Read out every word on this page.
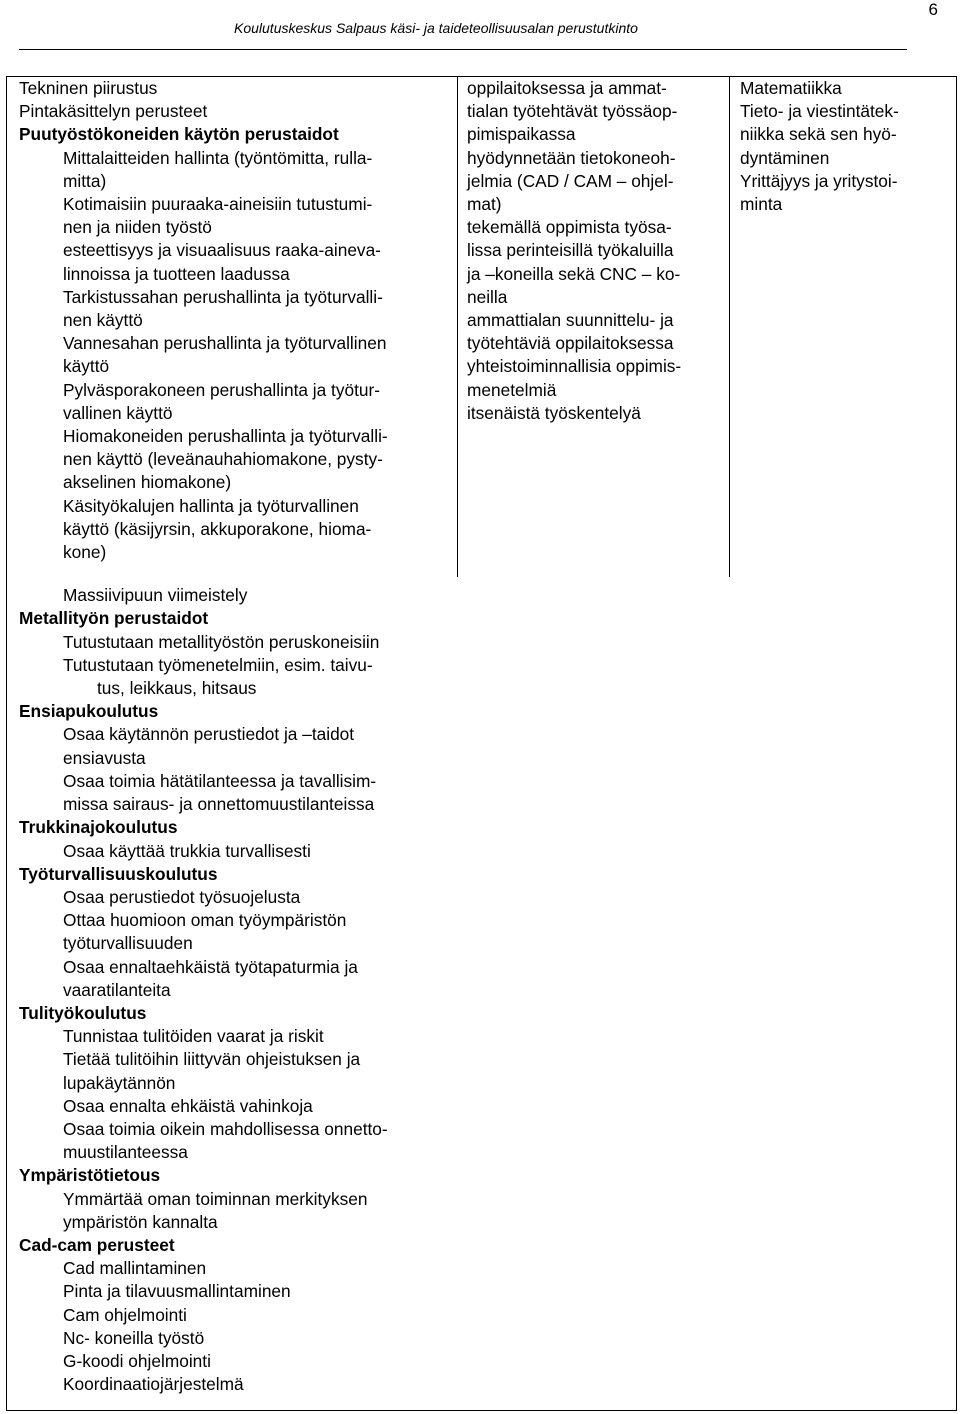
6
Koulutuskeskus Salpaus käsi- ja taideteollisuusalan perustutkinto
Tekninen piirustus
Pintakäsittelyn perusteet
Puutyöstökoneiden käytön perustaidot
Mittalaitteiden hallinta (työntömitta, rulla-
mitta)
Kotimaisiin puuraaka-aineisiin tutustumi-
nen ja niiden työstö
esteettisyys ja visuaalisuus raaka-aineva-
linnoissa ja tuotteen laadussa
Tarkistussahan perushallinta ja työturvalli-
nen käyttö
Vannesahan perushallinta ja työturvallinen
käyttö
Pylväsporakoneen perushallinta ja työtur-
vallinen käyttö
Hiomakoneiden perushallinta ja työturvalli-
nen käyttö (leveänauhahiomakone, pysty-
akselinen hiomakone)
Käsityökalujen hallinta ja työturvallinen
käyttö (käsijyrsin, akkuporakone, hioma-
kone)
Massiivipuun viimeistely
Metallityön perustaidot
Tutustutaan metallityöstön peruskoneisiin
Tutustutaan työmenetelmiin, esim. taivu-
tus, leikkaus, hitsaus
Ensiapukoulutus
Osaa käytännön perustiedot ja –taidot
ensiavusta
Osaa toimia hätätilanteessa ja tavallisim-
missa sairaus- ja onnettomuustilanteissa
Trukkinajokoulutus
Osaa käyttää trukkia turvallisesti
Työturvallisuuskoulutus
Osaa perustiedot työsuojelusta
Ottaa huomioon oman työympäristön
työturvallisuuden
Osaa ennaltaehkäistä työtapaturmia ja
vaaratilanteita
Tulityökoulutus
Tunnistaa tulitöiden vaarat ja riskit
Tietää tulitöihin liittyvän ohjeistuksen ja
lupakäytännön
Osaa ennalta ehkäistä vahinkoja
Osaa toimia oikein mahdollisessa onnetto-
muustilanteessa
Ympäristötietous
Ymmärtää oman toiminnan merkityksen
ympäristön kannalta
Cad-cam perusteet
Cad mallintaminen
Pinta ja tilavuusmallintaminen
Cam ohjelmointi
Nc- koneilla työstö
G-koodi ohjelmointi
Koordinaatiojärjestelmä
oppilaitoksessa ja ammat-
tialan työtehtävät työssäop-
pimispaikassa
hyödynnetään tietokoneoh-
jelmia (CAD / CAM – ohjel-
mat)
tekemällä oppimista työsa-
lissa perinteisillä työkaluilla
ja –koneilla sekä CNC – ko-
neilla
ammattialan suunnittelu- ja
työtehtäviä oppilaitoksessa
yhteistoiminnallisia oppimis-
menetelmiä
itsenäistä työskentelyä
Matematiikka
Tieto- ja viestintätek-
niikka sekä sen hyö-
dyntäminen
Yrittäjyys ja yritystoi-
minta
